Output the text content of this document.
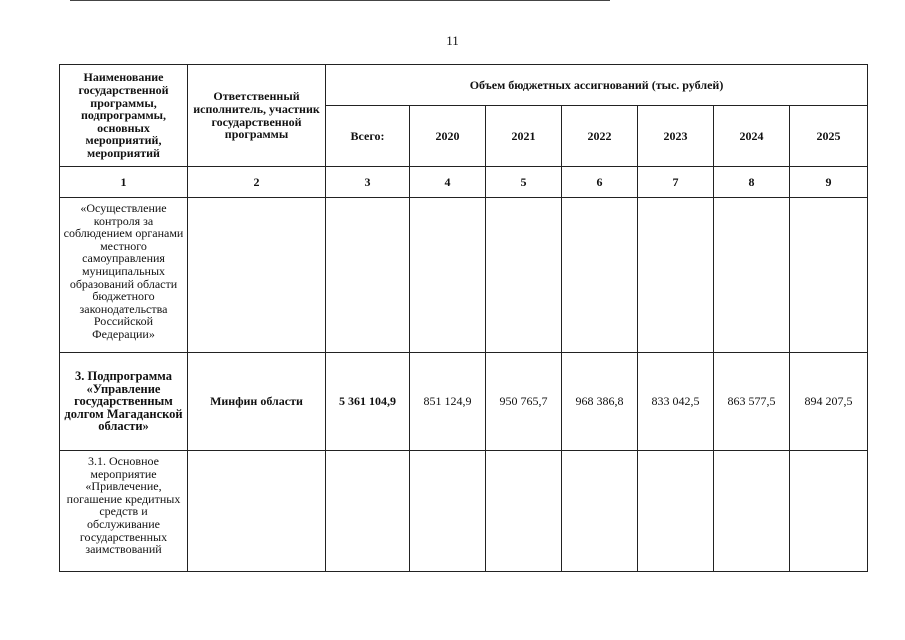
11
Наименование государственной программы, подпрограммы, основных мероприятий, мероприятий	Ответственный исполнитель, участник государственной программы	Объем бюджетных ассигнований (тыс. рублей)						
		Всего:	2020	2021	2022	2023	2024	2025
1	2	3	4	5	6	7	8	9
«Осуществление контроля за соблюдением органами местного самоуправления муниципальных образований области бюджетного законодательства Российской Федерации»								
3. Подпрограмма «Управление государственным долгом Магаданской области»	Минфин области	5 361 104,9	851 124,9	950 765,7	968 386,8	833 042,5	863 577,5	894 207,5
3.1. Основное мероприятие «Привлечение, погашение кредитных средств и обслуживание государственных заимствований								
